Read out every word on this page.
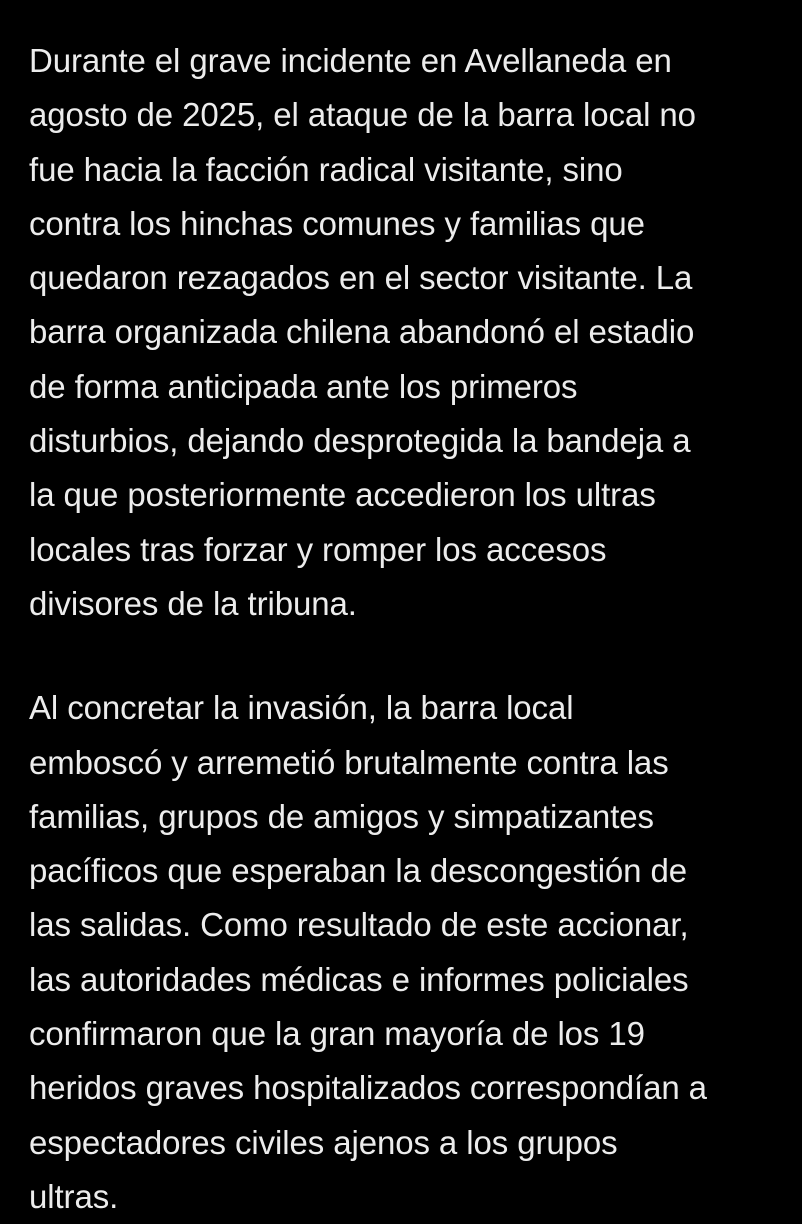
Durante el grave incidente en Avellaneda en
agosto de 2025, el ataque de la barra local no
fue hacia la facción radical visitante, sino
contra los hinchas comunes y familias que
quedaron rezagados en el sector visitante. La
barra organizada chilena abandonó el estadio
de forma anticipada ante los primeros
disturbios, dejando desprotegida la bandeja a
la que posteriormente accedieron los ultras
locales tras forzar y romper los accesos
divisores de la tribuna.

Al concretar la invasión, la barra local
emboscó y arremetió brutalmente contra las
familias, grupos de amigos y simpatizantes
pacíficos que esperaban la descongestión de
las salidas. Como resultado de este accionar,
las autoridades médicas e informes policiales
confirmaron que la gran mayoría de los 19
heridos graves hospitalizados correspondían a
espectadores civiles ajenos a los grupos
ultras.
